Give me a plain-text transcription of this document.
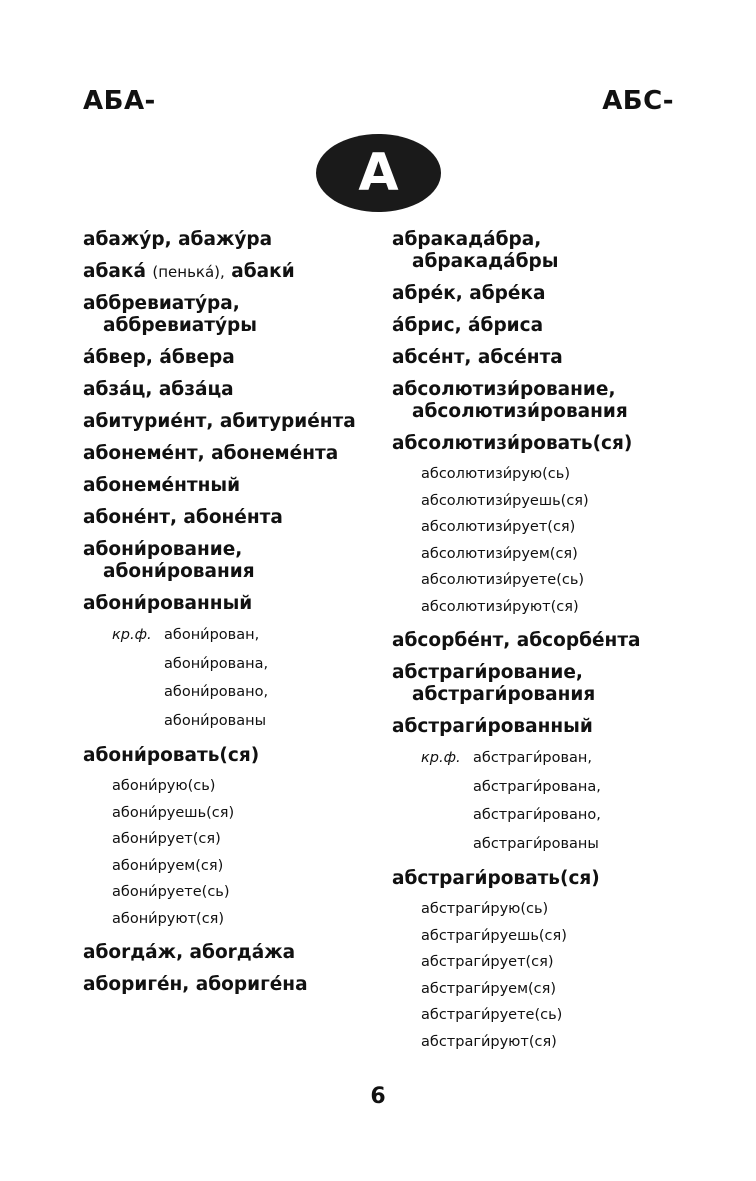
АБА-	АБС-
А
абажу́р, абажу́ра
абака́ (пенька́), абаки́
аббревиату́ра,
аббревиату́ры
а́бвер, а́бвера
абза́ц, абза́ца
абитурие́нт, абитурие́нта
абонеме́нт, абонеме́нта
абонеме́нтный
абоне́нт, абоне́нта
абони́рование,
абони́рования
абони́рованный
кр.ф. абони́рован,
абони́рована,
абони́ровано,
абони́рованы
абони́ровать(ся)
абони́рую(сь)
абони́руешь(ся)
абони́рует(ся)
абони́руем(ся)
абони́руете(сь)
абони́руют(ся)
абorда́ж, абorда́жа
абориге́н, абориге́на
абракада́бра,
абракада́бры
абре́к, абре́ка
а́брис, а́бриса
абсе́нт, абсе́нта
абсолютизи́рование,
абсолютизи́рования
абсолютизи́ровать(ся)
абсолютизи́рую(сь)
абсолютизи́руешь(ся)
абсолютизи́рует(ся)
абсолютизи́руем(ся)
абсолютизи́руете(сь)
абсолютизи́руют(ся)
абсорбе́нт, абсорбе́нта
абстраги́рование,
абстраги́рования
абстраги́рованный
кр.ф. абстраги́рован,
абстраги́рована,
абстраги́ровано,
абстраги́рованы
абстраги́ровать(ся)
абстраги́рую(сь)
абстраги́руешь(ся)
абстраги́рует(ся)
абстраги́руем(ся)
абстраги́руете(сь)
абстраги́руют(ся)
6
